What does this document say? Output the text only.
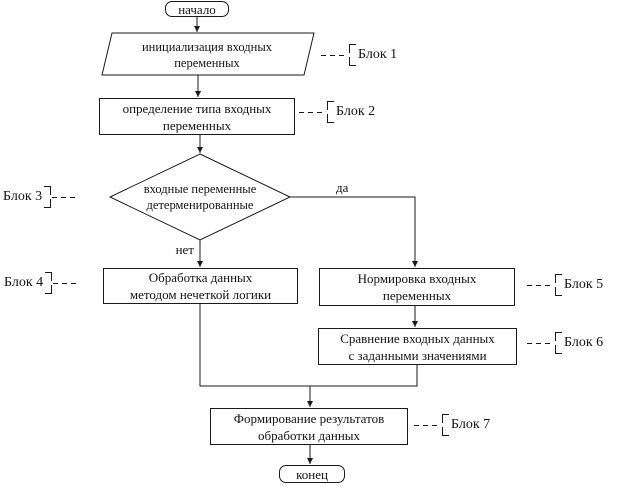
начало
инициализация входных
переменных
определение типа входных
переменных
входные переменные
детерменированные
Обработка данных
методом нечеткой логики
Нормировка входных
переменных
Сравнение входных данных
с заданными значениями
Формирование результатов
обработки данных
конец
да
нет
Блок 1
Блок 2
Блок 3
Блок 4	Блок 5
Блок 6
Блок 7
